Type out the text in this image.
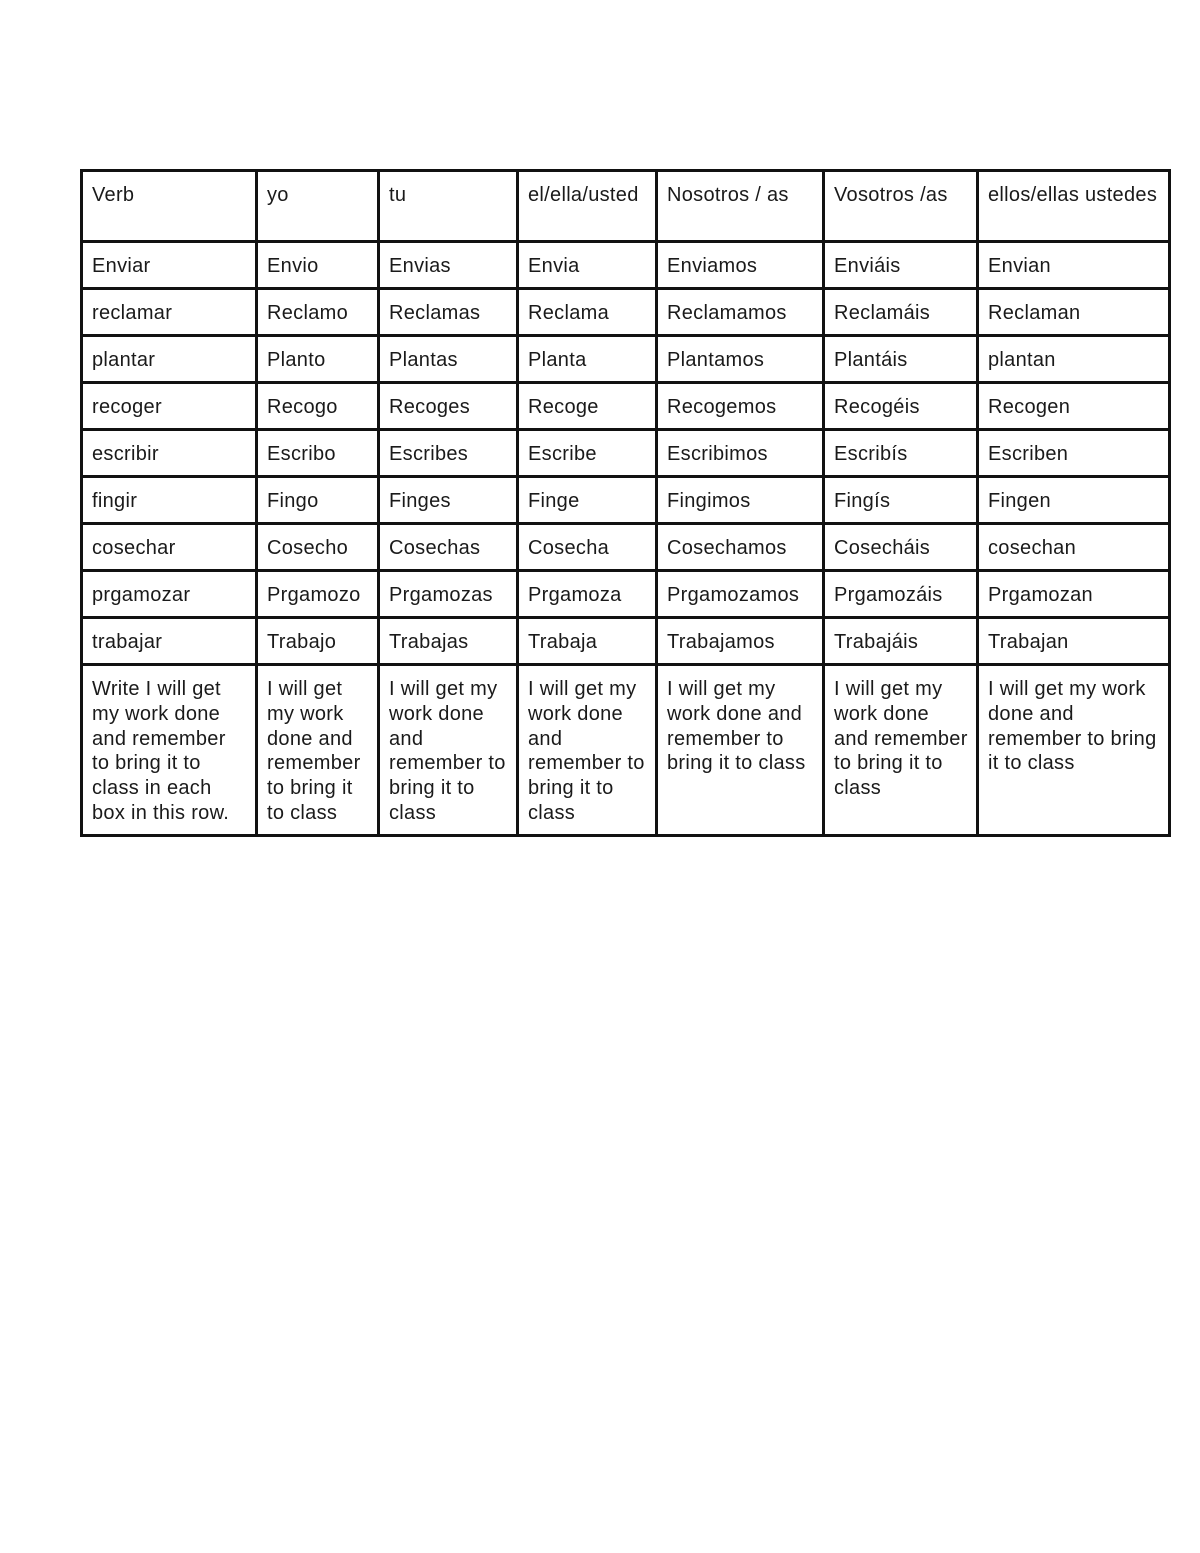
Verb	yo	tu	el/ella/usted	Nosotros / as	Vosotros /as	ellos/ellas ustedes
Enviar	Envio	Envias	Envia	Enviamos	Enviáis	Envian
reclamar	Reclamo	Reclamas	Reclama	Reclamamos	Reclamáis	Reclaman
plantar	Planto	Plantas	Planta	Plantamos	Plantáis	plantan
recoger	Recogo	Recoges	Recoge	Recogemos	Recogéis	Recogen
escribir	Escribo	Escribes	Escribe	Escribimos	Escribís	Escriben
fingir	Fingo	Finges	Finge	Fingimos	Fingís	Fingen
cosechar	Cosecho	Cosechas	Cosecha	Cosechamos	Cosecháis	cosechan
prgamozar	Prgamozo	Prgamozas	Prgamoza	Prgamozamos	Prgamozáis	Prgamozan
trabajar	Trabajo	Trabajas	Trabaja	Trabajamos	Trabajáis	Trabajan
Write I will get my work done and remember to bring it to class in each box in this row.	I will get my work done and remember to bring it to class	I will get my work done and remember to bring it to class	I will get my work done and remember to bring it to class	I will get my work done and remember to bring it to class	I will get my work done and remember to bring it to class	I will get my work done and remember to bring it to class
